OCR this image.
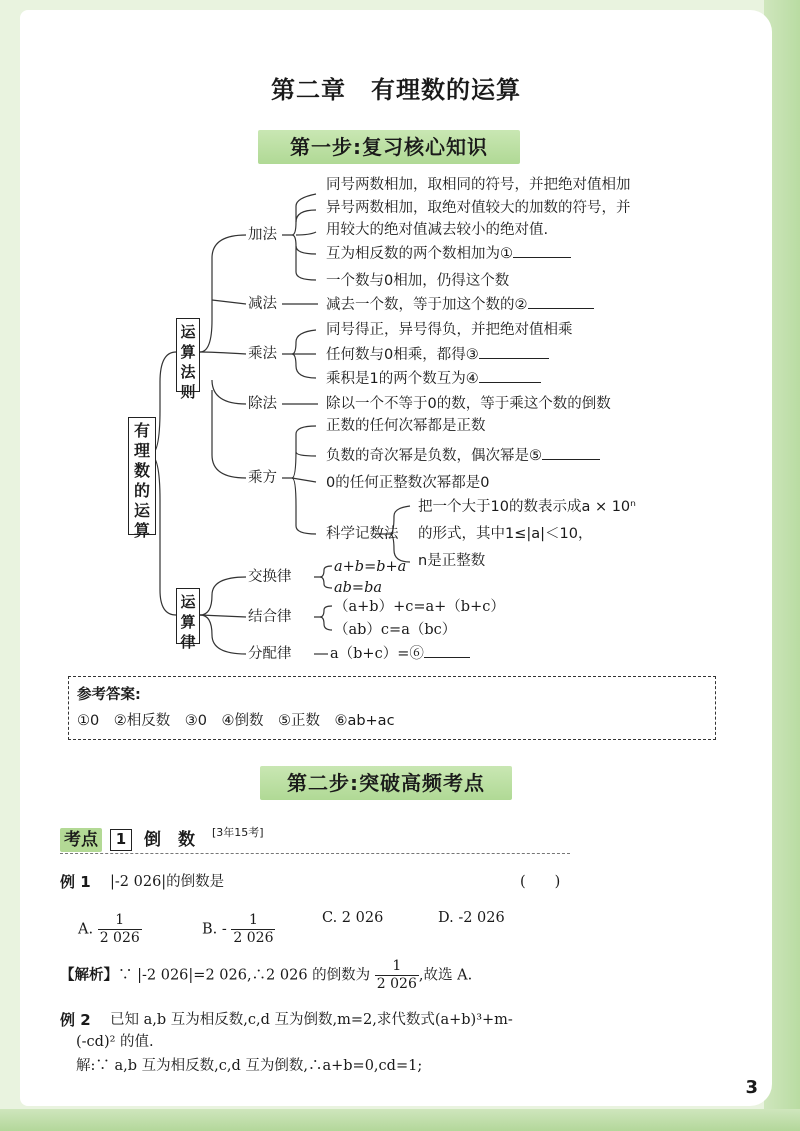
第二章　有理数的运算
第一步:复习核心知识
有理数的运算
运算法则
运算律
加法
减法
乘法
除法
乘方
交换律
结合律
分配律
同号两数相加，取相同的符号，并把绝对值相加
异号两数相加，取绝对值较大的加数的符号，并
用较大的绝对值减去较小的绝对值.
互为相反数的两个数相加为①
一个数与0相加，仍得这个数
减去一个数，等于加这个数的②
同号得正，异号得负，并把绝对值相乘
任何数与0相乘，都得③
乘积是1的两个数互为④
除以一个不等于0的数，等于乘这个数的倒数
正数的任何次幂都是正数
负数的奇次幂是负数，偶次幂是⑤
0的任何正整数次幂都是0
科学记数法
把一个大于10的数表示成a × 10ⁿ
的形式，其中1≤|a|＜10，
n是正整数
a+b=b+a
ab=ba
（a+b）+c=a+（b+c）
（ab）c=a（bc）
a（b+c）=⑥
参考答案:
①0　②相反数　③0　④倒数　⑤正数　⑥ab+ac
第二步:突破高频考点
考点	1	倒　数 [3年15考]
例 1 |-2 026|的倒数是	(　　)
A. $\frac{1}{2 026}$	B. - $\frac{1}{2 026}$	C. 2 026	D. -2 026
【解析】∵ |-2 026|=2 026,∴2 026 的倒数为 $\frac{1}{2 026}$ ,故选 A.
例 2 已知 a,b 互为相反数,c,d 互为倒数,m=2,求代数式(a+b)³+m-
(-cd)² 的值.
解:∵ a,b 互为相反数,c,d 互为倒数,∴a+b=0,cd=1;
3
